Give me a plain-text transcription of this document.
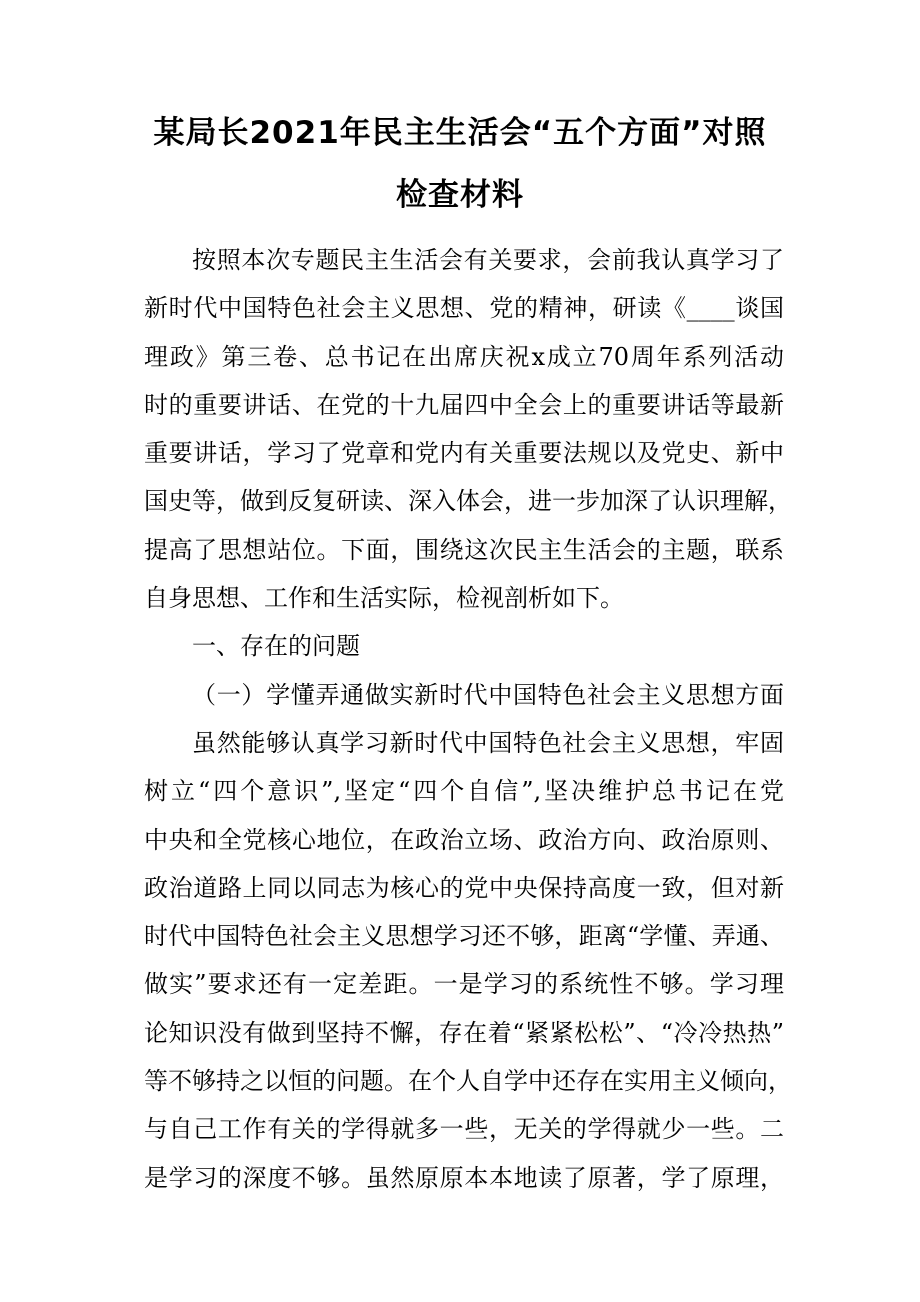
某局长2021年民主生活会“五个方面”对照
检查材料
按照本次专题民主生活会有关要求，会前我认真学习了
新时代中国特色社会主义思想、党的精神，研读《____谈国
理政》第三卷、总书记在出席庆祝x成立70周年系列活动
时的重要讲话、在党的十九届四中全会上的重要讲话等最新
重要讲话，学习了党章和党内有关重要法规以及党史、新中
国史等，做到反复研读、深入体会，进一步加深了认识理解，
提高了思想站位。下面，围绕这次民主生活会的主题，联系
自身思想、工作和生活实际，检视剖析如下。
一、存在的问题
（一）学懂弄通做实新时代中国特色社会主义思想方面
虽然能够认真学习新时代中国特色社会主义思想，牢固
树立“四个意识”,坚定“四个自信”,坚决维护总书记在党
中央和全党核心地位，在政治立场、政治方向、政治原则、
政治道路上同以同志为核心的党中央保持高度一致，但对新
时代中国特色社会主义思想学习还不够，距离“学懂、弄通、
做实”要求还有一定差距。一是学习的系统性不够。学习理
论知识没有做到坚持不懈，存在着“紧紧松松”、“冷冷热热”
等不够持之以恒的问题。在个人自学中还存在实用主义倾向，
与自己工作有关的学得就多一些，无关的学得就少一些。二
是学习的深度不够。虽然原原本本地读了原著，学了原理，
